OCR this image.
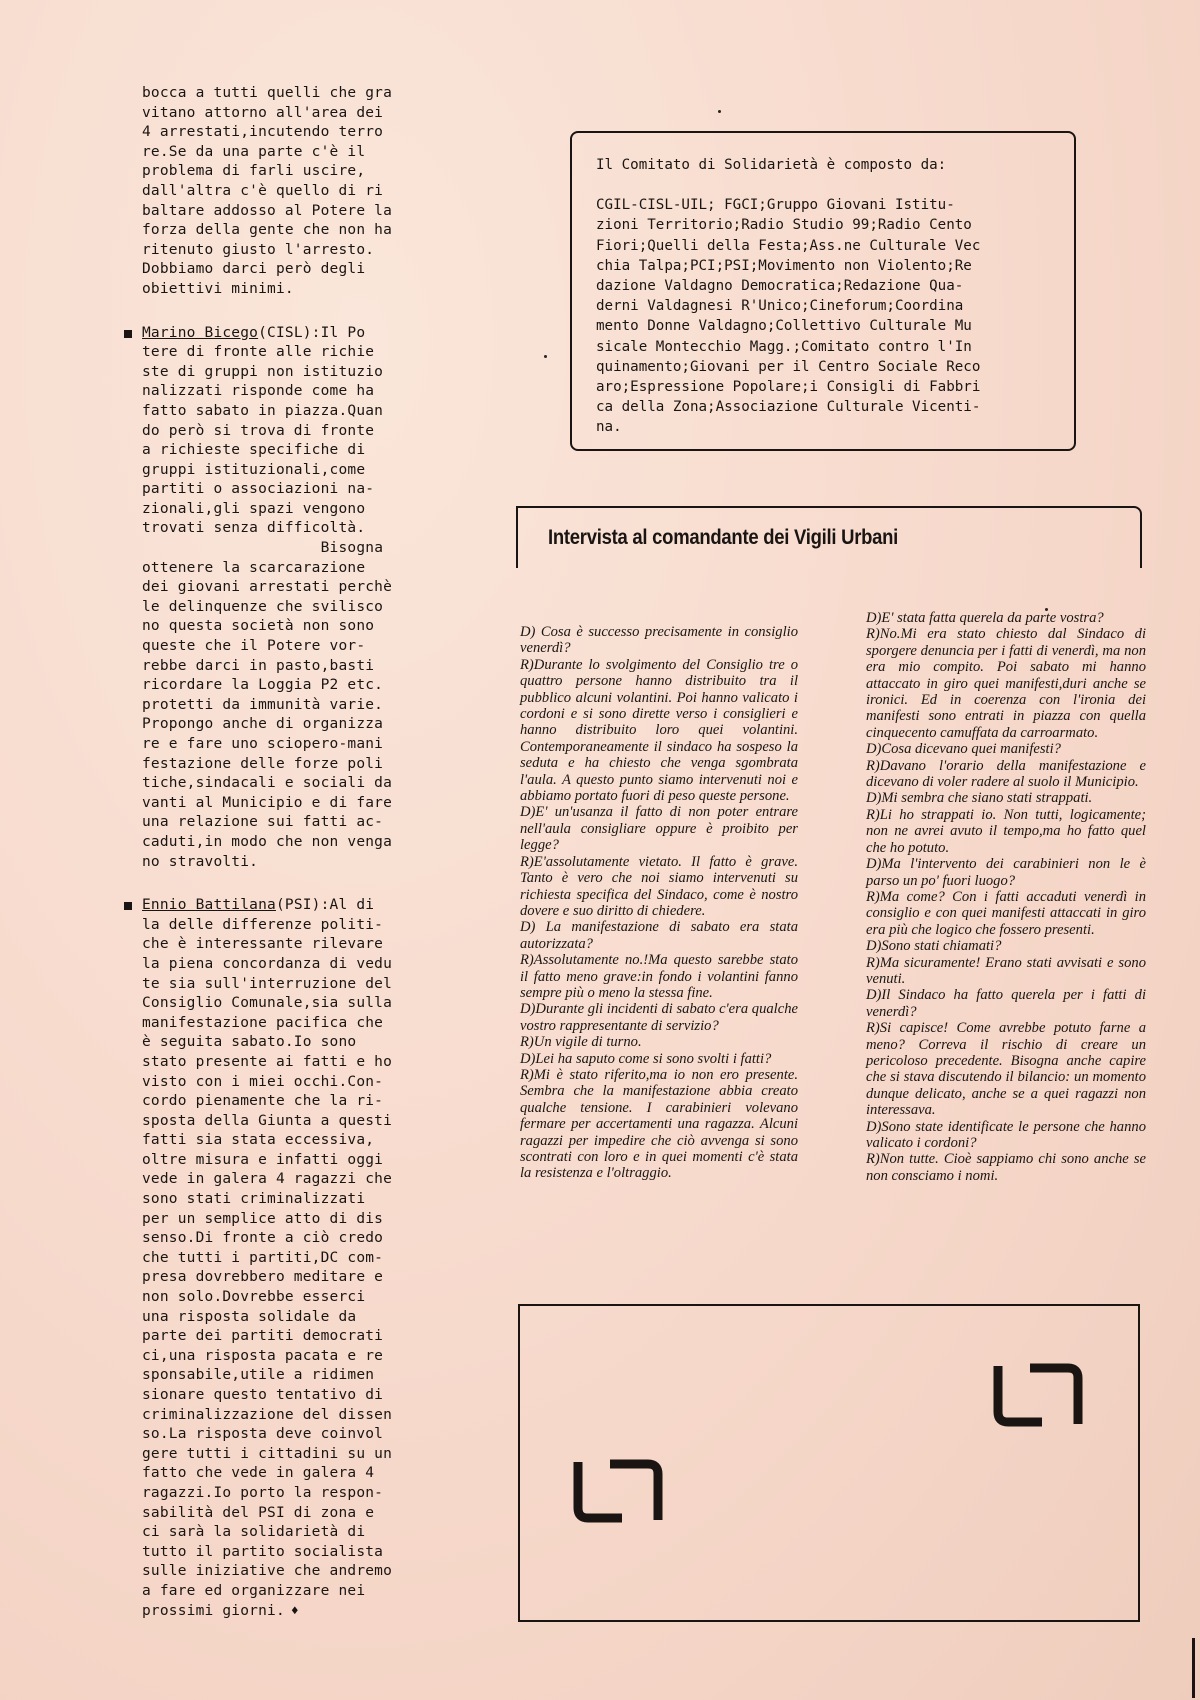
bocca a tutti quelli che gra
vitano attorno all'area dei
4 arrestati,incutendo terro
re.Se da una parte c'è il
problema di farli uscire,
dall'altra c'è quello di ri
baltare addosso al Potere la
forza della gente che non ha
ritenuto giusto l'arresto.
Dobbiamo darci però degli
obiettivi minimi.

Marino Bicego(CISL):Il Po
tere di fronte alle richie
ste di gruppi non istituzio
nalizzati risponde come ha
fatto sabato in piazza.Quan
do però si trova di fronte
a richieste specifiche di
gruppi istituzionali,come
partiti o associazioni na-
zionali,gli spazi vengono
trovati senza difficoltà.
Bisogna
ottenere la scarcarazione
dei giovani arrestati perchè
le delinquenze che svilisco
no questa società non sono
queste che il Potere vor-
rebbe darci in pasto,basti
ricordare la Loggia P2 etc.
protetti da immunità varie.
Propongo anche di organizza
re e fare uno sciopero-mani
festazione delle forze poli
tiche,sindacali e sociali da
vanti al Municipio e di fare
una relazione sui fatti ac-
caduti,in modo che non venga
no stravolti.

Ennio Battilana(PSI):Al di
la delle differenze politi-
che è interessante rilevare
la piena concordanza di vedu
te sia sull'interruzione del
Consiglio Comunale,sia sulla
manifestazione pacifica che
è seguita sabato.Io sono
stato presente ai fatti e ho
visto con i miei occhi.Con-
cordo pienamente che la ri-
sposta della Giunta a questi
fatti sia stata eccessiva,
oltre misura e infatti oggi
vede in galera 4 ragazzi che
sono stati criminalizzati
per un semplice atto di dis
senso.Di fronte a ciò credo
che tutti i partiti,DC com-
presa dovrebbero meditare e
non solo.Dovrebbe esserci
una risposta solidale da
parte dei partiti democrati
ci,una risposta pacata e re
sponsabile,utile a ridimen
sionare questo tentativo di
criminalizzazione del dissen
so.La risposta deve coinvol
gere tutti i cittadini su un
fatto che vede in galera 4
ragazzi.Io porto la respon-
sabilità del PSI di zona e
ci sarà la solidarietà di
tutto il partito socialista
sulle iniziative che andremo
a fare ed organizzare nei
prossimi giorni. ♦

Il Comitato di Solidarietà è composto da:

CGIL-CISL-UIL; FGCI;Gruppo Giovani Istitu-
zioni Territorio;Radio Studio 99;Radio Cento
Fiori;Quelli della Festa;Ass.ne Culturale Vec
chia Talpa;PCI;PSI;Movimento non Violento;Re
dazione Valdagno Democratica;Redazione Qua-
derni Valdagnesi R'Unico;Cineforum;Coordina
mento Donne Valdagno;Collettivo Culturale Mu
sicale Montecchio Magg.;Comitato contro l'In
quinamento;Giovani per il Centro Sociale Reco
aro;Espressione Popolare;i Consigli di Fabbri
ca della Zona;Associazione Culturale Vicenti-
na.

Intervista al comandante dei Vigili Urbani

D) Cosa è successo precisamente in consiglio venerdì?

R)Durante lo svolgimento del Consiglio tre o quattro persone hanno distribuito tra il pubblico alcuni volantini. Poi hanno valicato i cordoni e si sono dirette verso i consiglieri e hanno distribuito loro quei volantini. Contemporaneamente il sindaco ha sospeso la seduta e ha chiesto che venga sgombrata l'aula. A questo punto siamo intervenuti noi e abbiamo portato fuori di peso queste persone.

D)E' un'usanza il fatto di non poter entrare nell'aula consigliare oppure è proibito per legge?

R)E'assolutamente vietato. Il fatto è grave. Tanto è vero che noi siamo intervenuti su richiesta specifica del Sindaco, come è nostro dovere e suo diritto di chiedere.

D) La manifestazione di sabato era stata autorizzata?

R)Assolutamente no.!Ma questo sarebbe stato il fatto meno grave:in fondo i volantini fanno sempre più o meno la stessa fine.

D)Durante gli incidenti di sabato c'era qualche vostro rappresentante di servizio?

R)Un vigile di turno.

D)Lei ha saputo come si sono svolti i fatti?

R)Mi è stato riferito,ma io non ero presente. Sembra che la manifestazione abbia creato qualche tensione. I carabinieri volevano fermare per accertamenti una ragazza. Alcuni ragazzi per impedire che ciò avvenga si sono scontrati con loro e in quei momenti c'è stata la resistenza e l'oltraggio.

D)E' stata fatta querela da parte vostra?

R)No.Mi era stato chiesto dal Sindaco di sporgere denuncia per i fatti di venerdì, ma non era mio compito. Poi sabato mi hanno attaccato in giro quei manifesti,duri anche se ironici. Ed in coerenza con l'ironia dei manifesti sono entrati in piazza con quella cinquecento camuffata da carroarmato.

D)Cosa dicevano quei manifesti?

R)Davano l'orario della manifestazione e dicevano di voler radere al suolo il Municipio.

D)Mi sembra che siano stati strappati.

R)Li ho strappati io. Non tutti, logicamente; non ne avrei avuto il tempo,ma ho fatto quel che ho potuto.

D)Ma l'intervento dei carabinieri non le è parso un po' fuori luogo?

R)Ma come? Con i fatti accaduti venerdì in consiglio e con quei manifesti attaccati in giro era più che logico che fossero presenti.

D)Sono stati chiamati?

R)Ma sicuramente! Erano stati avvisati e sono venuti.

D)Il Sindaco ha fatto querela per i fatti di venerdì?

R)Si capisce! Come avrebbe potuto farne a meno? Correva il rischio di creare un pericoloso precedente. Bisogna anche capire che si stava discutendo il bilancio: un momento dunque delicato, anche se a quei ragazzi non interessava.

D)Sono state identificate le persone che hanno valicato i cordoni?

R)Non tutte. Cioè sappiamo chi sono anche se non consciamo i nomi.
